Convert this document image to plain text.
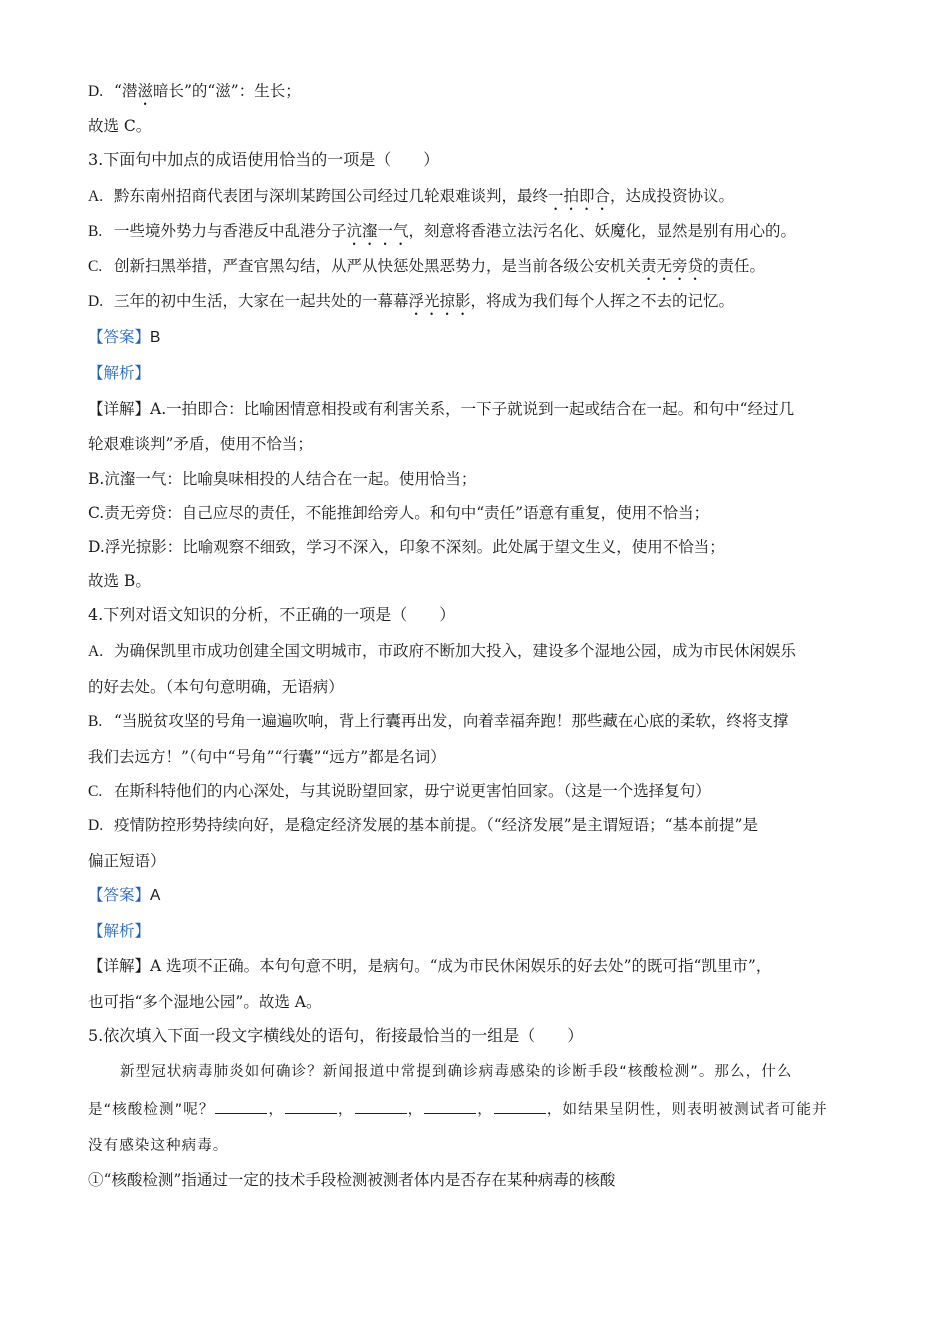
D. “潜滋暗长”的“滋”：生长；
故选 C。
3.下面句中加点的成语使用恰当的一项是（　　）
A. 黔东南州招商代表团与深圳某跨国公司经过几轮艰难谈判，最终一拍即合，达成投资协议。
B. 一些境外势力与香港反中乱港分子沆瀣一气，刻意将香港立法污名化、妖魔化，显然是别有用心的。
C. 创新扫黑举措，严查官黑勾结，从严从快惩处黑恶势力，是当前各级公安机关责无旁贷的责任。
D. 三年的初中生活，大家在一起共处的一幕幕浮光掠影，将成为我们每个人挥之不去的记忆。
【答案】B
【解析】
【详解】A.一拍即合：比喻困情意相投或有利害关系，一下子就说到一起或结合在一起。和句中“经过几
轮艰难谈判”矛盾，使用不恰当；
B.沆瀣一气：比喻臭味相投的人结合在一起。使用恰当；
C.责无旁贷：自己应尽的责任，不能推卸给旁人。和句中“责任”语意有重复，使用不恰当；
D.浮光掠影：比喻观察不细致，学习不深入，印象不深刻。此处属于望文生义，使用不恰当；
故选 B。
4.下列对语文知识的分析，不正确的一项是（　　）
A. 为确保凯里市成功创建全国文明城市，市政府不断加大投入，建设多个湿地公园，成为市民休闲娱乐
的好去处。（本句句意明确，无语病）
B. “当脱贫攻坚的号角一遍遍吹响，背上行囊再出发，向着幸福奔跑！那些藏在心底的柔软，终将支撑
我们去远方！”（句中“号角”“行囊”“远方”都是名词）
C. 在斯科特他们的内心深处，与其说盼望回家，毋宁说更害怕回家。（这是一个选择复句）
D. 疫情防控形势持续向好，是稳定经济发展的基本前提。（“经济发展”是主谓短语；“基本前提”是
偏正短语）
【答案】A
【解析】
【详解】A 选项不正确。本句句意不明，是病句。“成为市民休闲娱乐的好去处”的既可指“凯里市”，
也可指“多个湿地公园”。故选 A。
5.依次填入下面一段文字横线处的语句，衔接最恰当的一组是（　　）
新型冠状病毒肺炎如何确诊？新闻报道中常提到确诊病毒感染的诊断手段“核酸检测”。那么，什么
是“核酸检测”呢？	，	，	，	，	，如结果呈阴性，则表明被测试者可能并
没有感染这种病毒。
①“核酸检测”指通过一定的技术手段检测被测者体内是否存在某种病毒的核酸
